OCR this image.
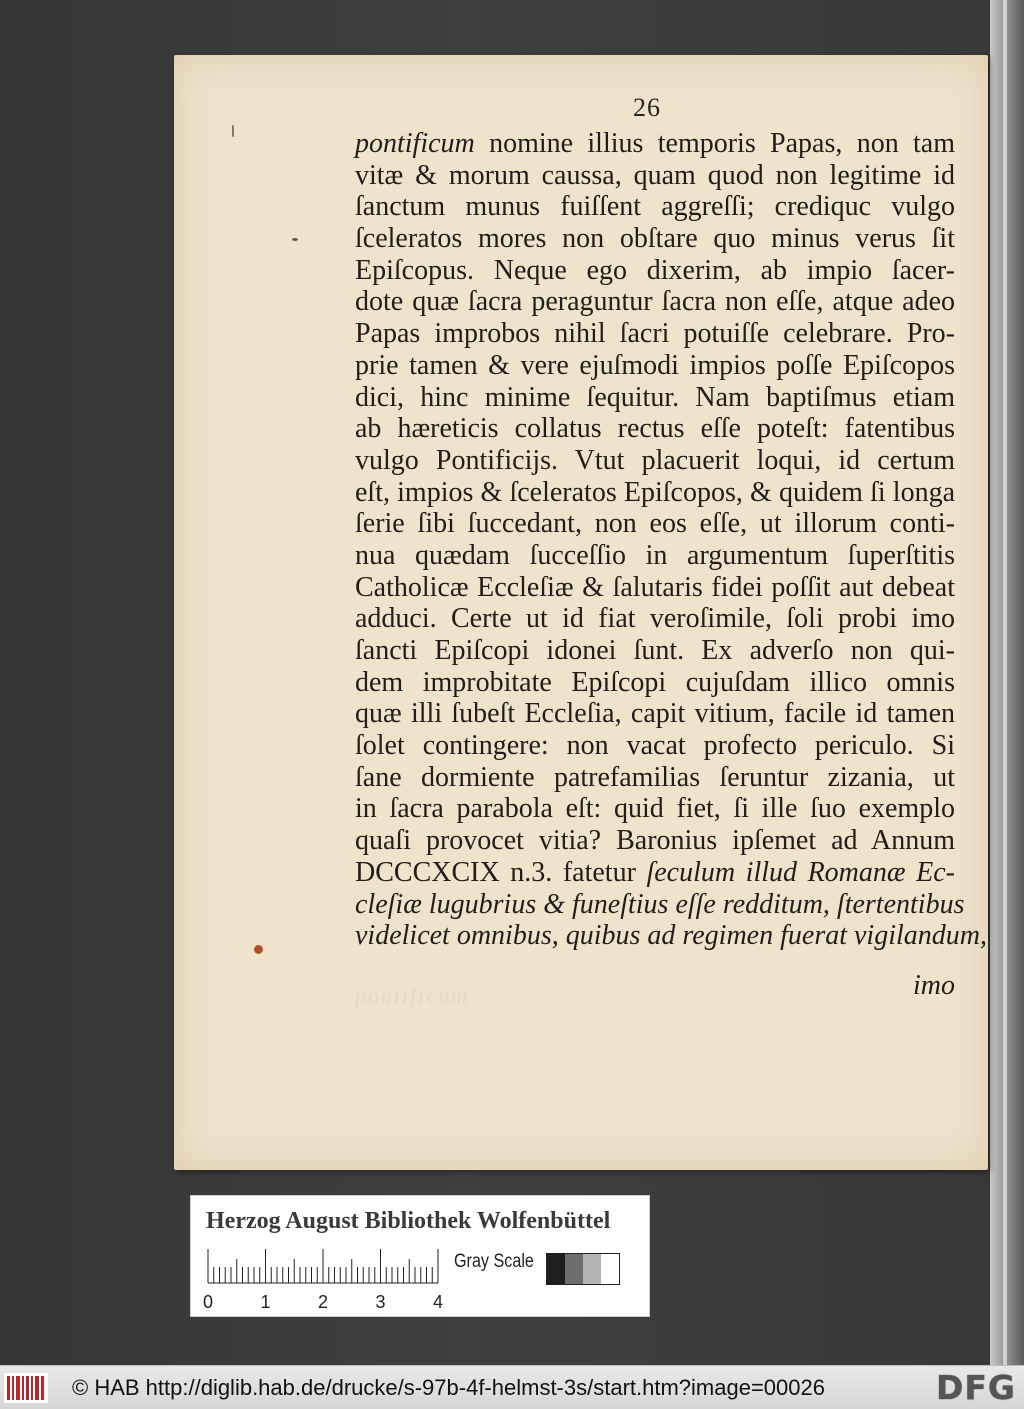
26
pontificum nomine illius temporis Papas, non tam
vitæ & morum caussa, quam quod non legitime id
ſanctum munus fuiſſent aggreſſi; crediquc vulgo
ſceleratos mores non obſtare quo minus verus ſit
Epiſcopus. Neque ego dixerim, ab impio ſacer-
dote quæ ſacra peraguntur ſacra non eſſe, atque adeo
Papas improbos nihil ſacri potuiſſe celebrare. Pro-
prie tamen & vere ejuſmodi impios poſſe Epiſcopos
dici, hinc minime ſequitur. Nam baptiſmus etiam
ab hæreticis collatus rectus eſſe poteſt: fatentibus
vulgo Pontificijs. Vtut placuerit loqui, id certum
eſt, impios & ſceleratos Epiſcopos, & quidem ſi longa
ſerie ſibi ſuccedant, non eos eſſe, ut illorum conti-
nua quædam ſucceſſio in argumentum ſuperſtitis
Catholicæ Eccleſiæ & ſalutaris fidei poſſit aut debeat
adduci. Certe ut id fiat veroſimile, ſoli probi imo
ſancti Epiſcopi idonei ſunt. Ex adverſo non qui-
dem improbitate Epiſcopi cujuſdam illico omnis
quæ illi ſubeſt Eccleſia, capit vitium, facile id tamen
ſolet contingere: non vacat profecto periculo. Si
ſane dormiente patrefamilias ſeruntur zizania, ut
in ſacra parabola eſt: quid fiet, ſi ille ſuo exemplo
quaſi provocet vitia? Baronius ipſemet ad Annum
DCCCXCIX n.3. fatetur ſeculum illud Romanæ Ec-
cleſiæ lugubrius & funeſtius eſſe redditum, ſtertentibus
videlicet omnibus, quibus ad regimen fuerat vigilandum,
pontificum	imo
Herzog August Bibliothek Wolfenbüttel
0	1	2	3	4
Gray Scale
© HAB http://diglib.hab.de/drucke/s-97b-4f-helmst-3s/start.htm?image=00026	DFG
